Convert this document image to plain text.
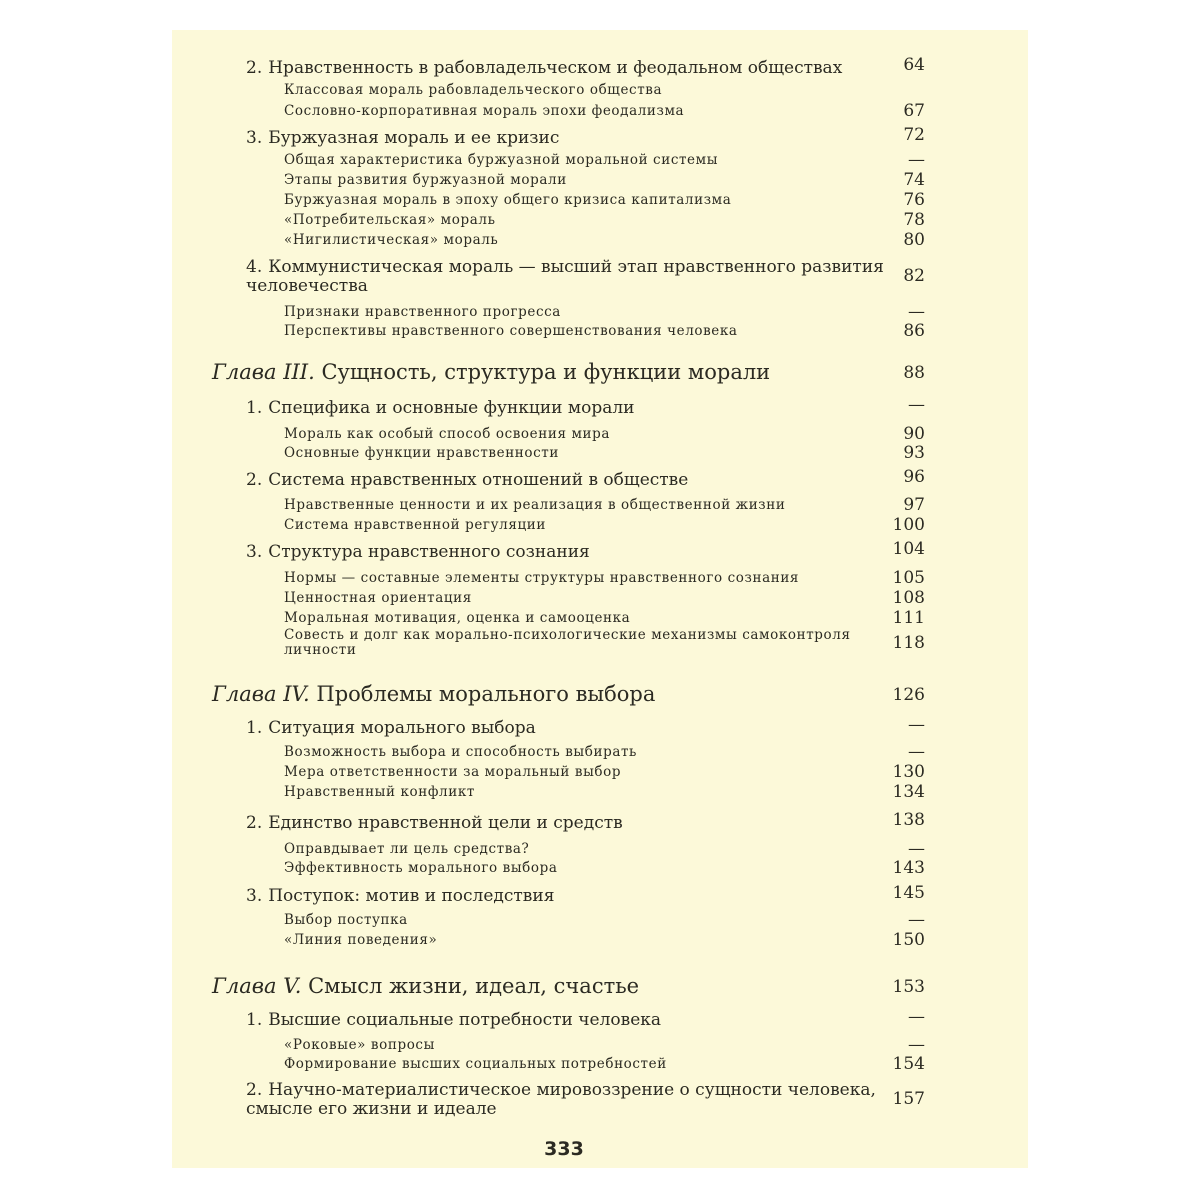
2. Нравственность в рабовладельческом и феодальном обществах	64
Классовая мораль рабовладельческого общества
Сословно-корпоративная мораль эпохи феодализма	67
3. Буржуазная мораль и ее кризис	72
Общая характеристика буржуазной моральной системы	—
Этапы развития буржуазной морали	74
Буржуазная мораль в эпоху общего кризиса капитализма	76
«Потребительская» мораль	78
«Нигилистическая» мораль	80
4. Коммунистическая мораль — высший этап нравственного развития
человечества	82
Признаки нравственного прогресса	—
Перспективы нравственного совершенствования человека	86
Глава III. Сущность, структура и функции морали	88
1. Специфика и основные функции морали	—
Мораль как особый способ освоения мира	90
Основные функции нравственности	93
2. Система нравственных отношений в обществе	96
Нравственные ценности и их реализация в общественной жизни	97
Система нравственной регуляции	100
3. Структура нравственного сознания	104
Нормы — составные элементы структуры нравственного сознания	105
Ценностная ориентация	108
Моральная мотивация, оценка и самооценка	111
Совесть и долг как морально-психологические механизмы самоконтроля
личности	118
Глава IV. Проблемы морального выбора	126
1. Ситуация морального выбора	—
Возможность выбора и способность выбирать	—
Мера ответственности за моральный выбор	130
Нравственный конфликт	134
2. Единство нравственной цели и средств	138
Оправдывает ли цель средства?	—
Эффективность морального выбора	143
3. Поступок: мотив и последствия	145
Выбор поступка	—
«Линия поведения»	150
Глава V. Смысл жизни, идеал, счастье	153
1. Высшие социальные потребности человека	—
«Роковые» вопросы	—
Формирование высших социальных потребностей	154
2. Научно-материалистическое мировоззрение о сущности человека,
смысле его жизни и идеале	157
333
